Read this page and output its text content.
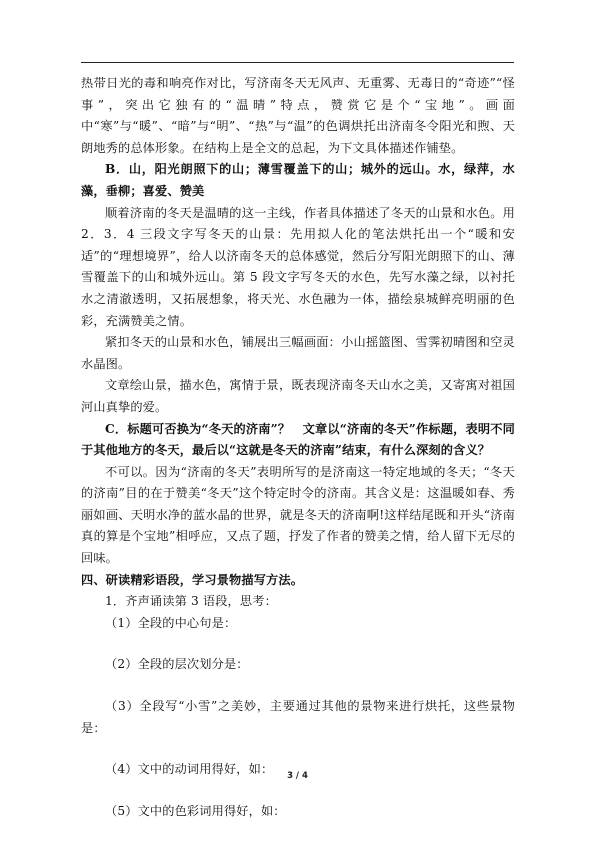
热带日光的毒和响亮作对比，写济南冬天无风声、无重雾、无毒日的“奇迹”“怪事”，突出它独有的“温晴”特点，赞赏它是个“宝地”。画面中“寒”与“暖”、“暗”与“明”、“热”与“温”的色调烘托出济南冬令阳光和煦、天朗地秀的总体形象。在结构上是全文的总起，为下文具体描述作铺垫。

B．山，阳光朗照下的山；薄雪覆盖下的山；城外的远山。水，绿萍，水藻，垂柳；喜爱、赞美

顺着济南的冬天是温晴的这一主线，作者具体描述了冬天的山景和水色。用 2．3．4 三段文字写冬天的山景：先用拟人化的笔法烘托出一个“暖和安适”的“理想境界”，给人以济南冬天的总体感觉，然后分写阳光朗照下的山、薄雪覆盖下的山和城外远山。第 5 段文字写冬天的水色，先写水藻之绿，以衬托水之清澈透明，又拓展想象，将天光、水色融为一体，描绘泉城鲜亮明丽的色彩，充满赞美之情。

紧扣冬天的山景和水色，铺展出三幅画面：小山摇篮图、雪霁初晴图和空灵水晶图。

文章绘山景，描水色，寓情于景，既表现济南冬天山水之美，又寄寓对祖国河山真挚的爱。

C．标题可否换为“冬天的济南”？　文章以“济南的冬天”作标题，表明不同于其他地方的冬天，最后以“这就是冬天的济南”结束，有什么深刻的含义？

不可以。因为“济南的冬天”表明所写的是济南这一特定地域的冬天；“冬天的济南”目的在于赞美“冬天”这个特定时令的济南。其含义是：这温暖如春、秀丽如画、天明水净的蓝水晶的世界，就是冬天的济南啊!这样结尾既和开头“济南真的算是个宝地”相呼应，又点了题，抒发了作者的赞美之情，给人留下无尽的回味。

四、研读精彩语段，学习景物描写方法。

1．齐声诵读第 3 语段，思考：

（1）全段的中心句是：

（2）全段的层次划分是：

（3）全段写“小雪”之美妙，主要通过其他的景物来进行烘托，这些景物是：

（4）文中的动词用得好，如：

（5）文中的色彩词用得好，如：

3 / 4
